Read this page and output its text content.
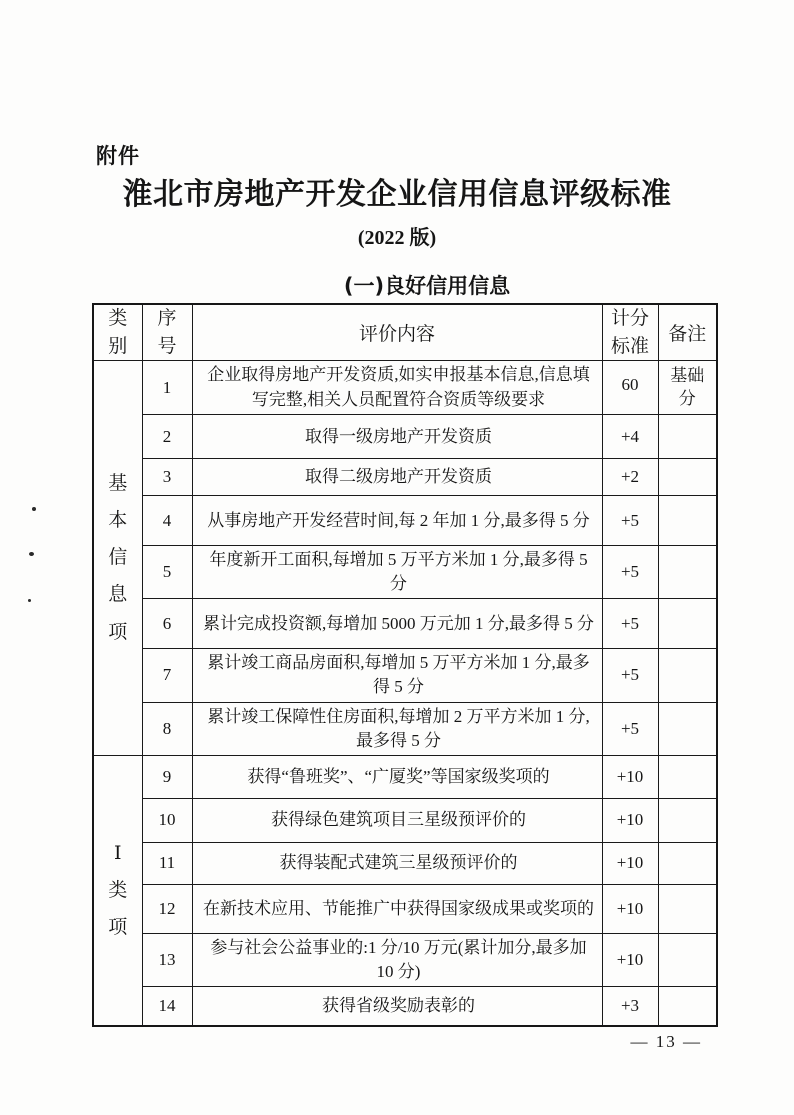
附件
淮北市房地产开发企业信用信息评级标准
(2022 版)
(一)良好信用信息
类别	序号	评价内容	计分标准	备注
基本信息项	1	企业取得房地产开发资质,如实申报基本信息,信息填写完整,相关人员配置符合资质等级要求	60	基础分
	2	取得一级房地产开发资质	+4	
	3	取得二级房地产开发资质	+2	
	4	从事房地产开发经营时间,每 2 年加 1 分,最多得 5 分	+5	
	5	年度新开工面积,每增加 5 万平方米加 1 分,最多得 5 分	+5	
	6	累计完成投资额,每增加 5000 万元加 1 分,最多得 5 分	+5	
	7	累计竣工商品房面积,每增加 5 万平方米加 1 分,最多得 5 分	+5	
	8	累计竣工保障性住房面积,每增加 2 万平方米加 1 分,最多得 5 分	+5	
Ⅰ类项	9	获得“鲁班奖”、“广厦奖”等国家级奖项的	+10	
	10	获得绿色建筑项目三星级预评价的	+10	
	11	获得装配式建筑三星级预评价的	+10	
	12	在新技术应用、节能推广中获得国家级成果或奖项的	+10	
	13	参与社会公益事业的:1 分/10 万元(累计加分,最多加 10 分)	+10	
	14	获得省级奖励表彰的	+3	
— 13 —
